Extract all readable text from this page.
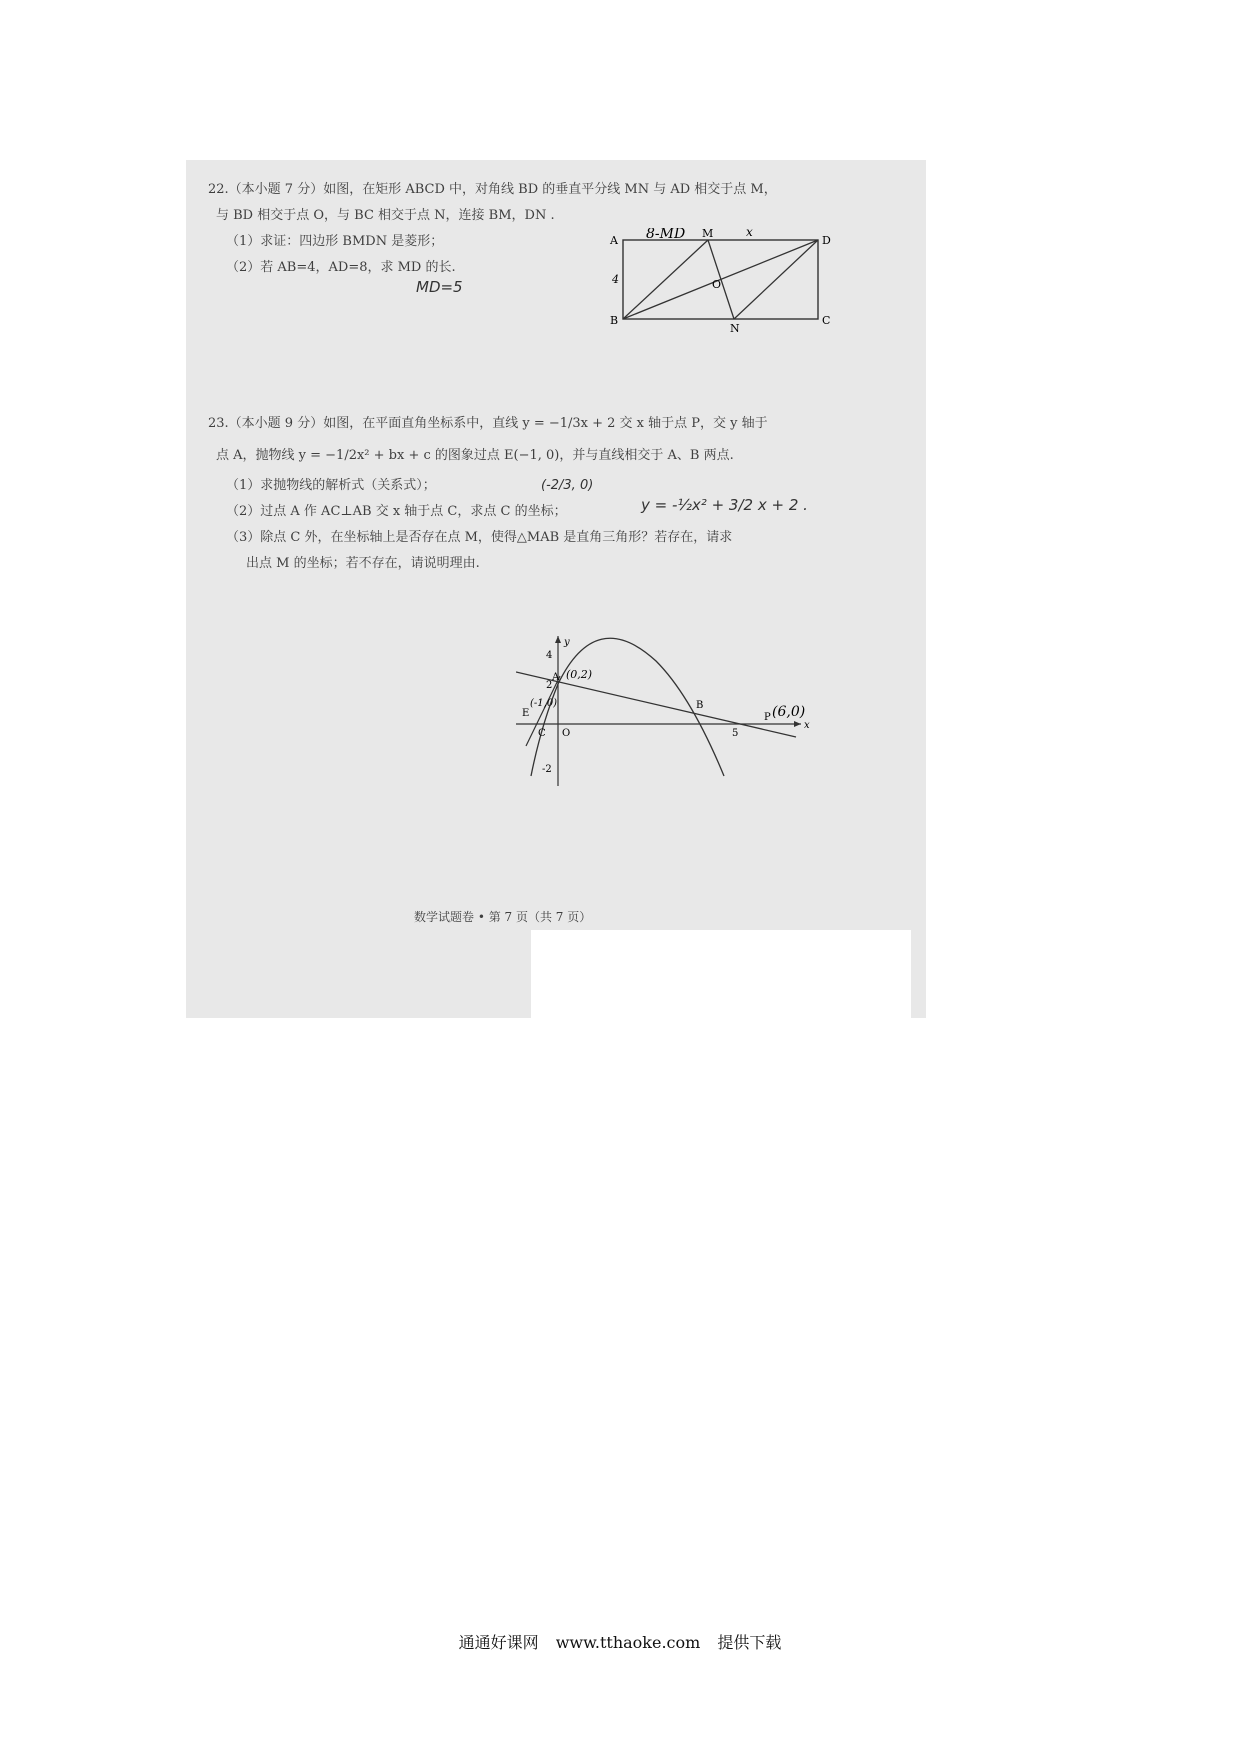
22.（本小题 7 分）如图，在矩形 ABCD 中，对角线 BD 的垂直平分线 MN 与 AD 相交于点 M，
与 BD 相交于点 O，与 BC 相交于点 N，连接 BM，DN .
（1）求证：四边形 BMDN 是菱形；
（2）若 AB=4，AD=8，求 MD 的长.
MD=5
A
B	C
D
M
N
O
8-MD	x
4
23.（本小题 9 分）如图，在平面直角坐标系中，直线 y = −1/3x + 2 交 x 轴于点 P，交 y 轴于
点 A，抛物线 y = −1/2x² + bx + c 的图象过点 E(−1, 0)，并与直线相交于 A、B 两点.
（1）求抛物线的解析式（关系式）；
（2）过点 A 作 AC⊥AB 交 x 轴于点 C，求点 C 的坐标；
（3）除点 C 外，在坐标轴上是否存在点 M，使得△MAB 是直角三角形？若存在，请求
出点 M 的坐标；若不存在，请说明理由.
(-2/3, 0)
y = -½x² + 3/2 x + 2 .
y
x
4
2
-2
5
O
A
B
C
E	P
(0,2)
(-1,0)
(6,0)
数学试题卷 • 第 7 页（共 7 页）
通通好课网 www.tthaoke.com 提供下载
